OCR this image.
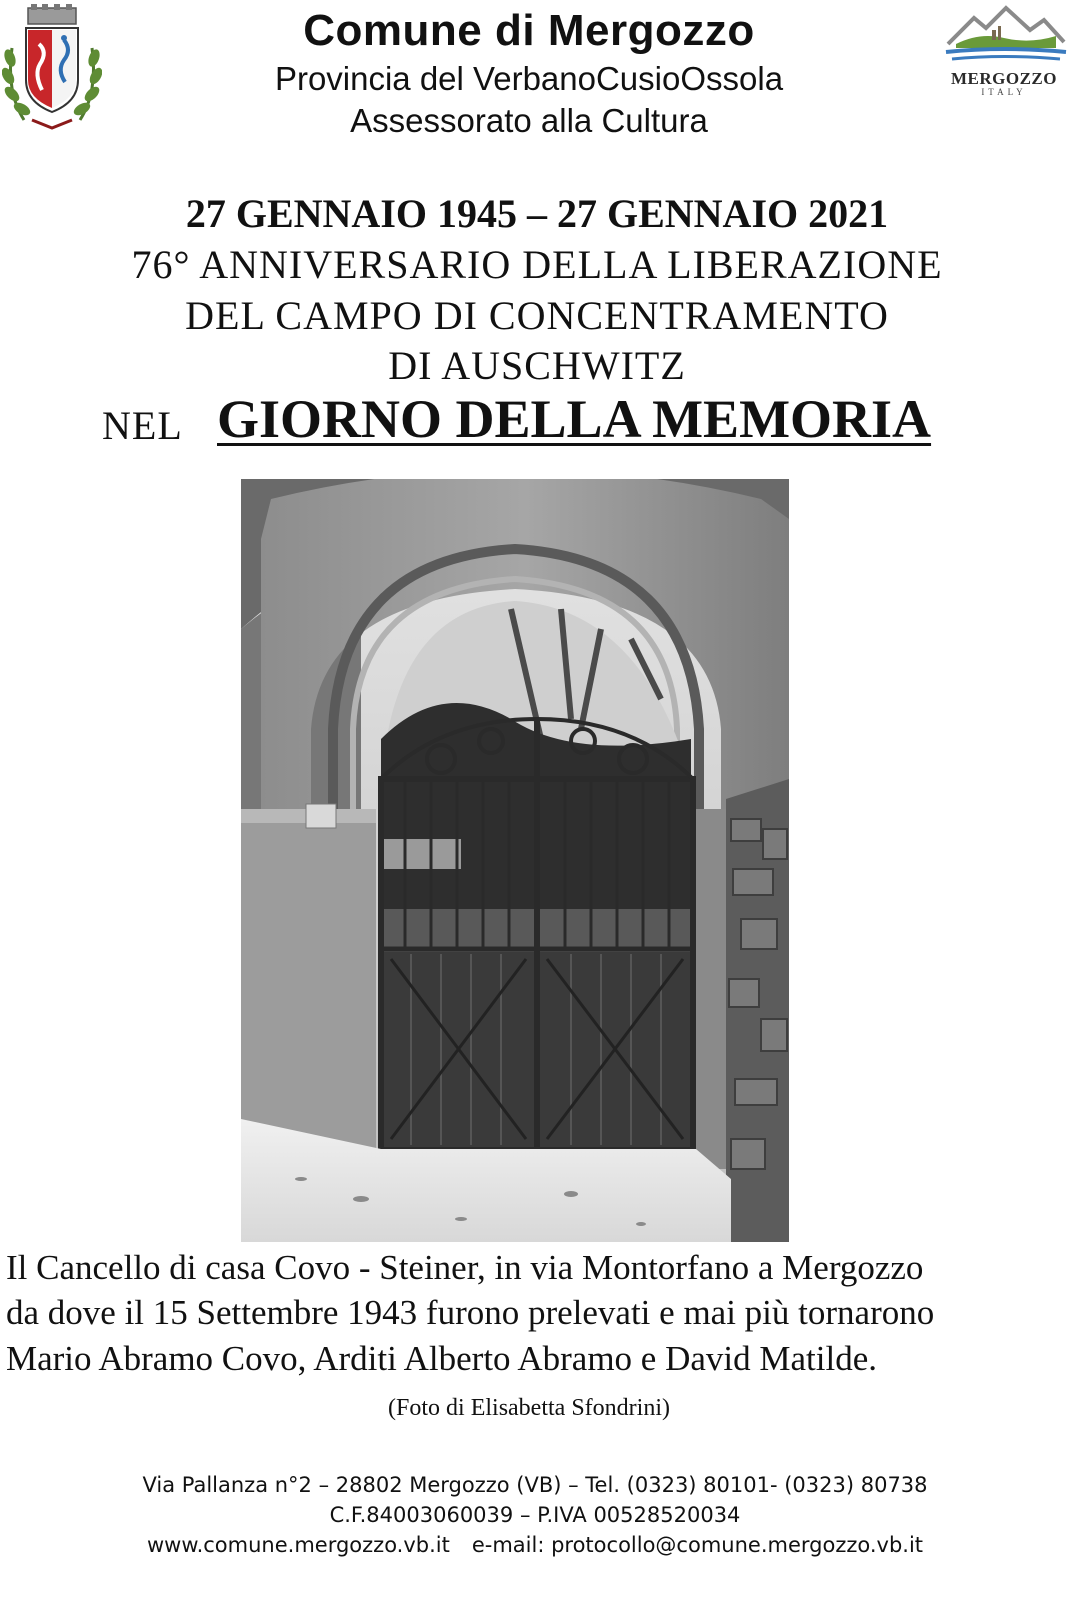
Comune di Mergozzo
Provincia del VerbanoCusioOssola
Assessorato alla Cultura
MERGOZZO
ITALY
27 GENNAIO 1945 – 27 GENNAIO 2021
76° ANNIVERSARIO DELLA LIBERAZIONE
DEL CAMPO DI CONCENTRAMENTO
DI AUSCHWITZ
NEL GIORNO DELLA MEMORIA
Il Cancello di casa Covo - Steiner, in via Montorfano a Mergozzo
da dove il 15 Settembre 1943 furono prelevati e mai più tornarono
Mario Abramo Covo, Arditi Alberto Abramo e David Matilde.
(Foto di Elisabetta Sfondrini)
Via Pallanza n°2 – 28802 Mergozzo (VB) – Tel. (0323) 80101- (0323) 80738
C.F.84003060039 – P.IVA 00528520034
www.comune.mergozzo.vb.it e-mail: protocollo@comune.mergozzo.vb.it
